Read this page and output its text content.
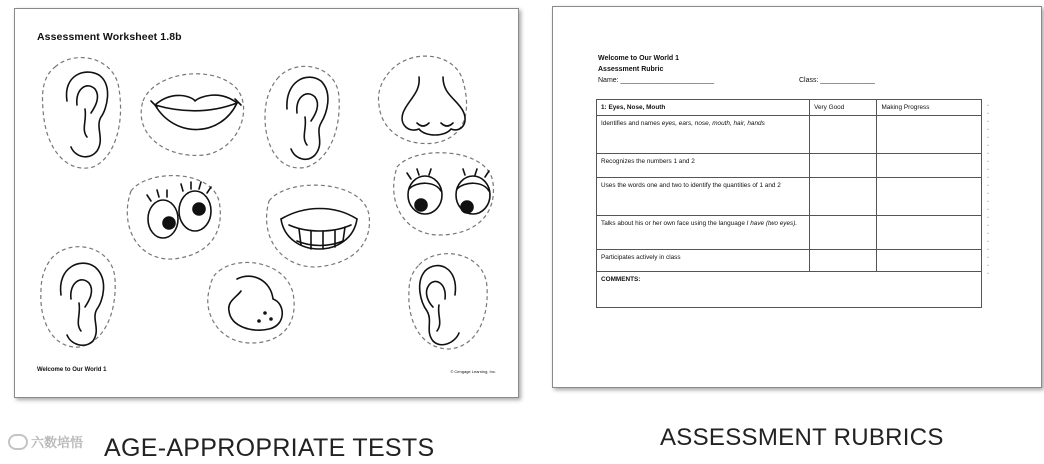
Assessment Worksheet 1.8b
Welcome to Our World 1	© Cengage Learning, Inc.
Welcome to Our World 1
Assessment Rubric
Name: ________________________	Class: ______________
1: Eyes, Nose, Mouth	Very Good	Making Progress
Identifies and names eyes, ears, nose, mouth, hair, hands		
Recognizes the numbers 1 and 2		
Uses the words one and two to identify the quantities of 1 and 2		
Talks about his or her own face using the language I have (two eyes).		
Participates actively in class		
COMMENTS:		
▫
▫
▫
▫
▫
▫
▫
▫
▫
▫
▫
▫
▫
▫
▫
▫
▫
▫
▫
▫
▫
▫
六数培悟 AGE-APPROPRIATE TESTS	ASSESSMENT RUBRICS
